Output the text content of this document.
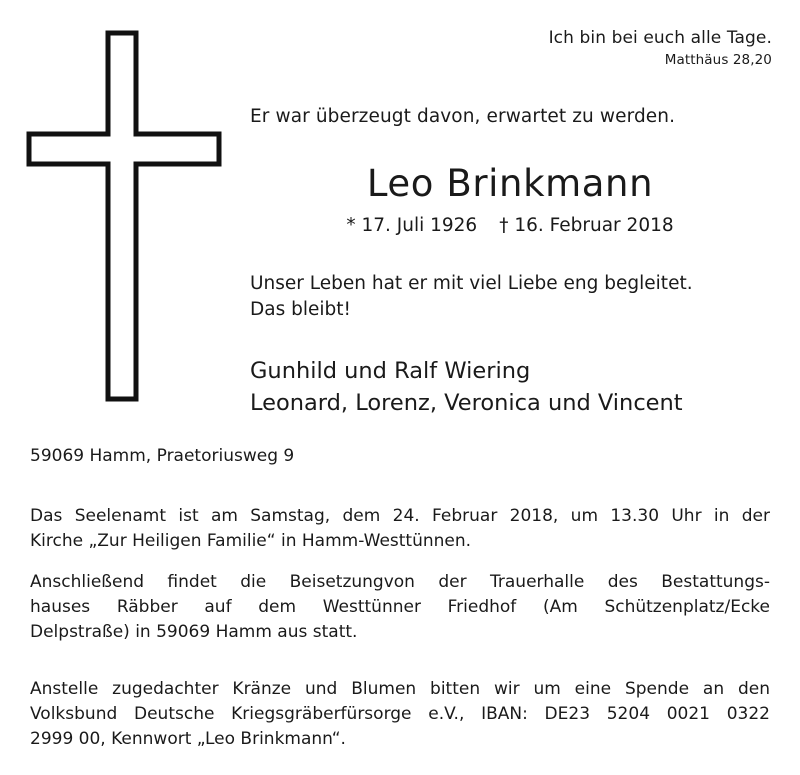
Ich bin bei euch alle Tage.
Matthäus 28,20
Er war überzeugt davon, erwartet zu werden.
Leo Brinkmann
* 17. Juli 1926 † 16. Februar 2018
Unser Leben hat er mit viel Liebe eng begleitet.
Das bleibt!
Gunhild und Ralf Wiering
Leonard, Lorenz, Veronica und Vincent
59069 Hamm, Praetoriusweg 9
Das Seelenamt ist am Samstag, dem 24. Februar 2018, um 13.30 Uhr in der
Kirche „Zur Heiligen Familie“ in Hamm-Westtünnen.
Anschließend findet die Beisetzungvon der Trauerhalle des Bestattungs-
hauses Räbber auf dem Westtünner Friedhof (Am Schützenplatz/Ecke
Delpstraße) in 59069 Hamm aus statt.
Anstelle zugedachter Kränze und Blumen bitten wir um eine Spende an den
Volksbund Deutsche Kriegsgräberfürsorge e.V., IBAN: DE23 5204 0021 0322
2999 00, Kennwort „Leo Brinkmann“.
